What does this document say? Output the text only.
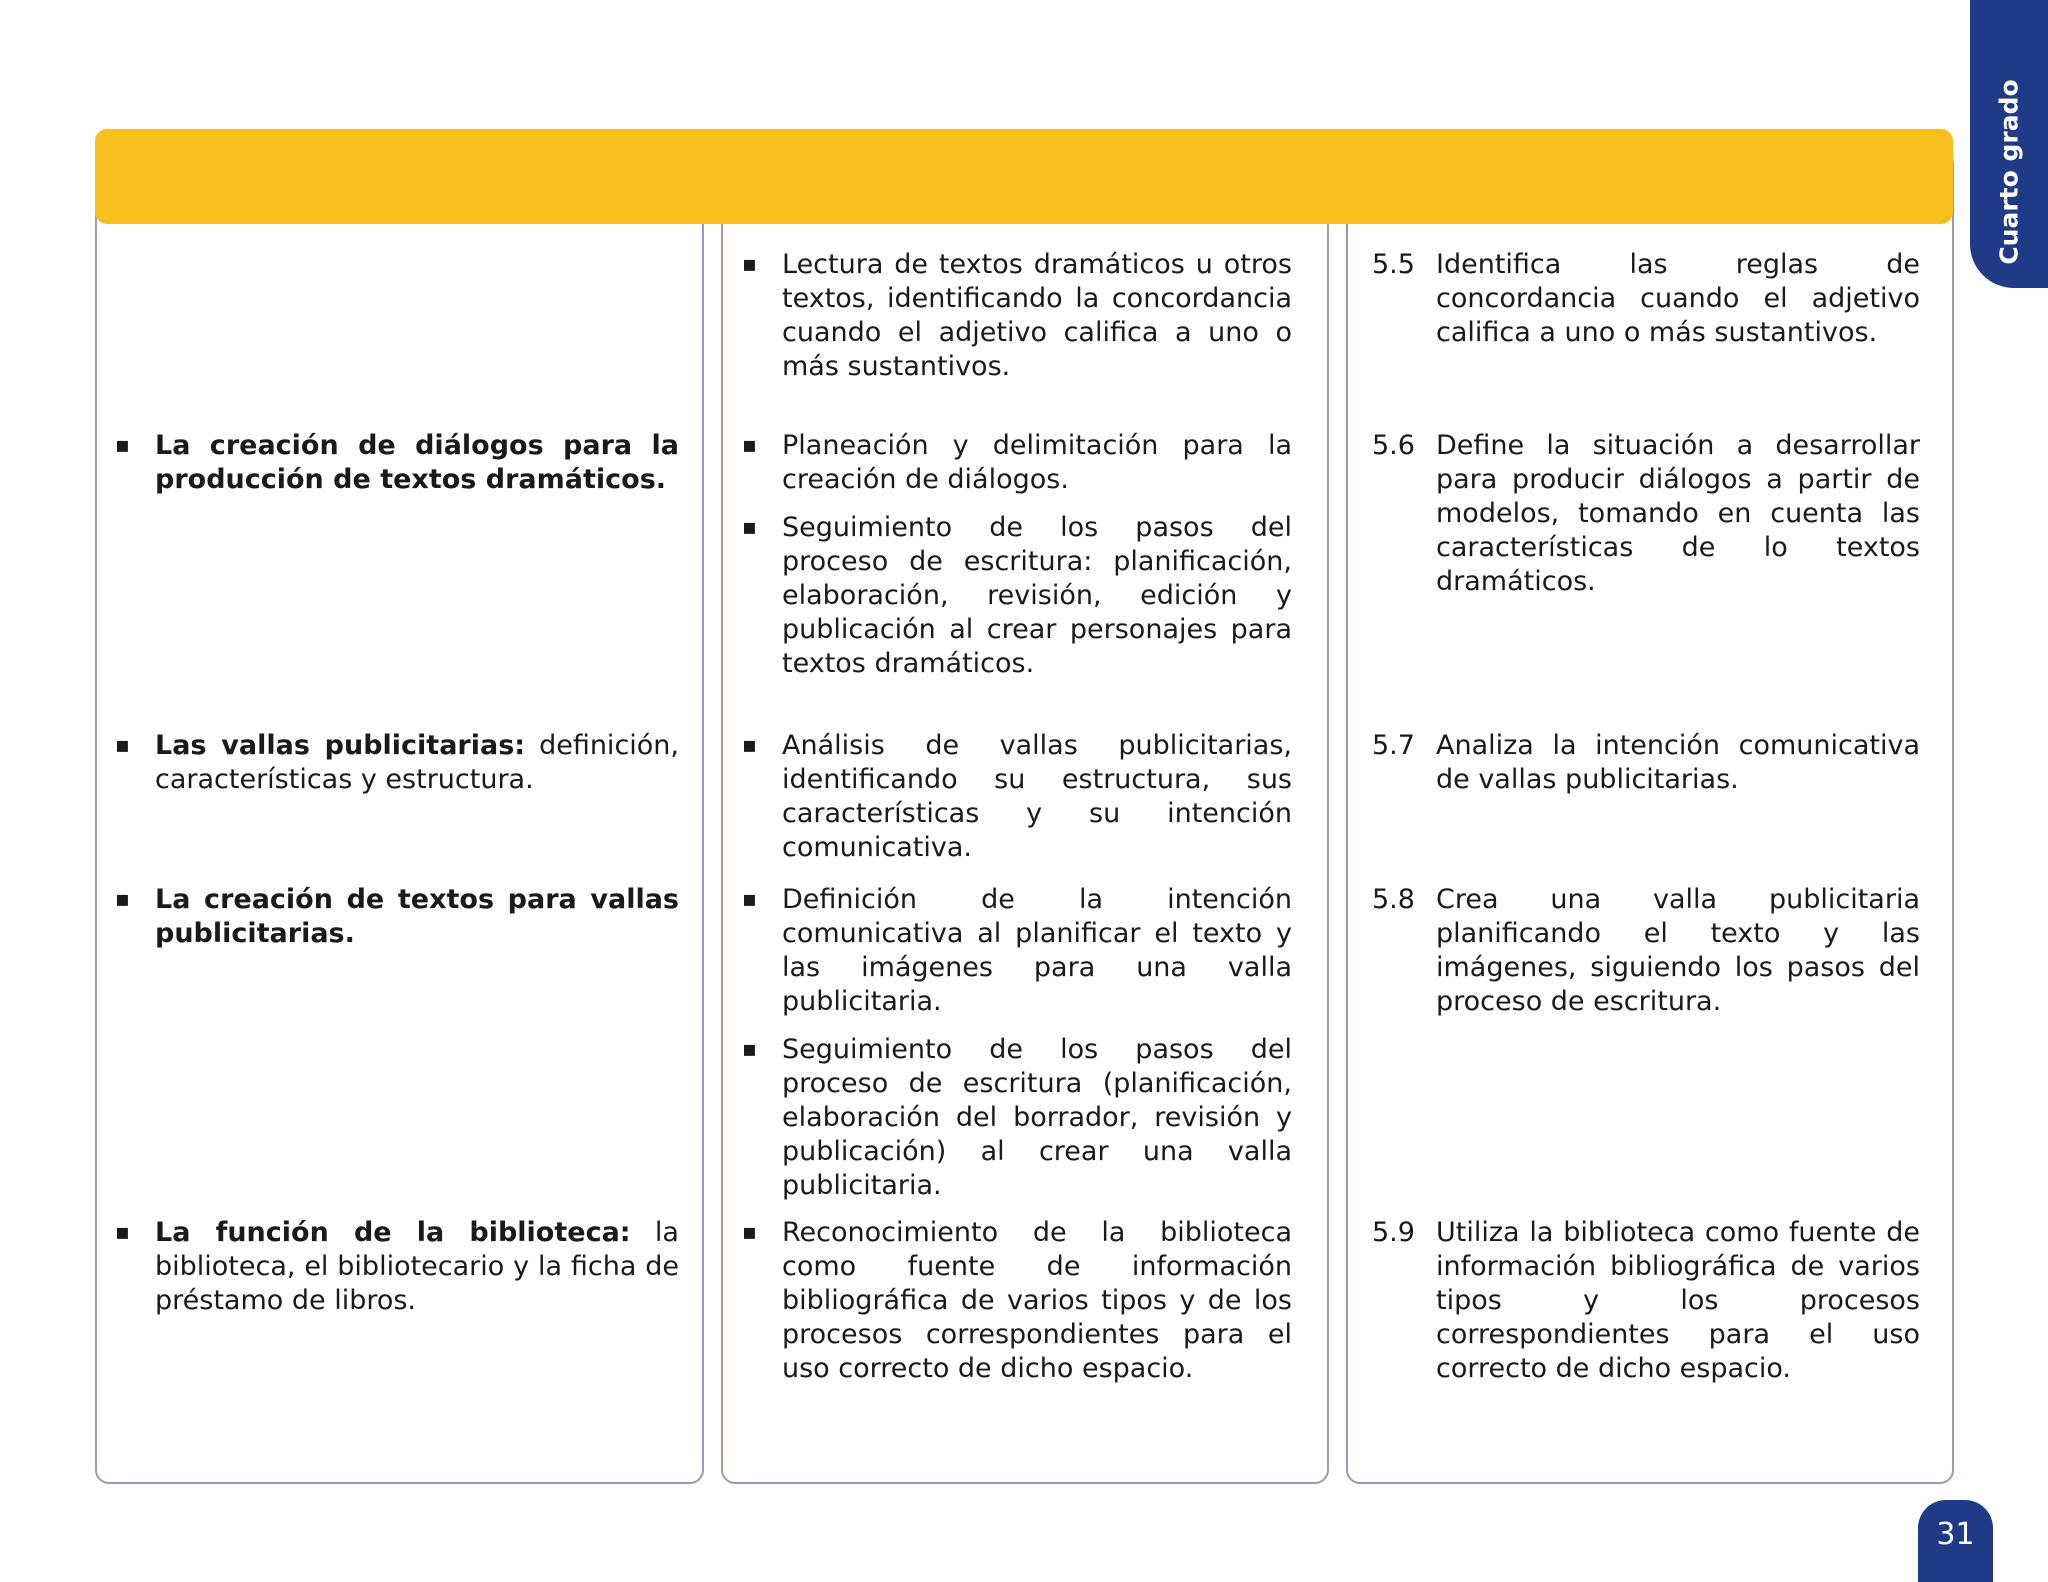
Cuarto grado
Contenidos conceptuales	Contenidos procedimentales	Indicadores de logro
▪ Lectura de textos dramáticos u otros textos, identificando la concordancia cuando el adjetivo califica a uno o más sustantivos.
5.5 Identifica las reglas de concordancia cuando el adjetivo califica a uno o más sustantivos.
▪ La creación de diálogos para la producción de textos dramáticos.
▪ Planeación y delimitación para la creación de diálogos.
▪ Seguimiento de los pasos del proceso de escritura: planificación, elaboración, revisión, edición y publicación al crear personajes para textos dramáticos.
5.6 Define la situación a desarrollar para producir diálogos a partir de modelos, tomando en cuenta las características de lo textos dramáticos.
▪ Las vallas publicitarias: definición, características y estructura.
▪ Análisis de vallas publicitarias, identificando su estructura, sus características y su intención comunicativa.
5.7 Analiza la intención comunicativa de vallas publicitarias.
▪ La creación de textos para vallas publicitarias.
▪ Definición de la intención comunicativa al planificar el texto y las imágenes para una valla publicitaria.
▪ Seguimiento de los pasos del proceso de escritura (planificación, elaboración del borrador, revisión y publicación) al crear una valla publicitaria.
5.8 Crea una valla publicitaria planificando el texto y las imágenes, siguiendo los pasos del proceso de escritura.
▪ La función de la biblioteca: la biblioteca, el bibliotecario y la ficha de préstamo de libros.
▪ Reconocimiento de la biblioteca como fuente de información bibliográfica de varios tipos y de los procesos correspondientes para el uso correcto de dicho espacio.
5.9 Utiliza la biblioteca como fuente de información bibliográfica de varios tipos y los procesos correspondientes para el uso correcto de dicho espacio.
31
